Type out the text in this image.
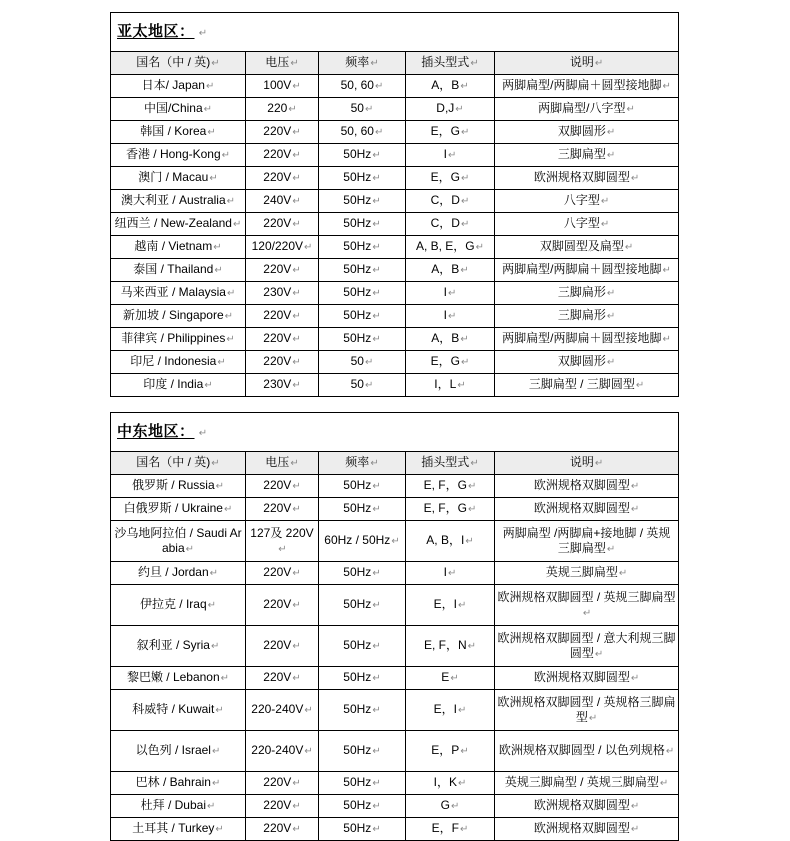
亚太地区： ↵				
国名（中 / 英)↵	电压↵	频率↵	插头型式↵	说明↵
日本/ Japan↵	100V↵	50, 60↵	A，B↵	两脚扁型/两脚扁＋圆型接地脚↵
中国/China↵	220↵	50↵	D,J↵	两脚扁型/八字型↵
韩国 / Korea↵	220V↵	50, 60↵	E，G↵	双脚圆形↵
香港 / Hong-Kong↵	220V↵	50Hz↵	I↵	三脚扁型↵
澳门 / Macau↵	220V↵	50Hz↵	E，G↵	欧洲规格双脚圆型↵
澳大利亚 / Australia↵	240V↵	50Hz↵	C，D↵	八字型↵
纽西兰 / New-Zealand↵	220V↵	50Hz↵	C，D↵	八字型↵
越南 / Vietnam↵	120/220V↵	50Hz↵	A, B, E，G↵	双脚圆型及扁型↵
泰国 / Thailand↵	220V↵	50Hz↵	A，B↵	两脚扁型/两脚扁＋圆型接地脚↵
马来西亚 / Malaysia↵	230V↵	50Hz↵	I↵	三脚扁形↵
新加坡 / Singapore↵	220V↵	50Hz↵	I↵	三脚扁形↵
菲律宾 / Philippines↵	220V↵	50Hz↵	A，B↵	两脚扁型/两脚扁＋圆型接地脚↵
印尼 / Indonesia↵	220V↵	50↵	E，G↵	双脚圆形↵
印度 / India↵	230V↵	50↵	I，L↵	三脚扁型 / 三脚圆型↵
中东地区： ↵				
国名（中 / 英)↵	电压↵	频率↵	插头型式↵	说明↵
俄罗斯 / Russia↵	220V↵	50Hz↵	E, F，G↵	欧洲规格双脚圆型↵
白俄罗斯 / Ukraine↵	220V↵	50Hz↵	E, F，G↵	欧洲规格双脚圆型↵
沙乌地阿拉伯 / Saudi Arabia↵	127及 220V↵	60Hz / 50Hz↵	A, B，I↵	两脚扁型 /两脚扁+接地脚 / 英规三脚扁型↵
约旦 / Jordan↵	220V↵	50Hz↵	I↵	英规三脚扁型↵
伊拉克 / Iraq↵	220V↵	50Hz↵	E，I↵	欧洲规格双脚圆型 / 英规三脚扁型↵
叙利亚 / Syria↵	220V↵	50Hz↵	E, F，N↵	欧洲规格双脚圆型 / 意大利规三脚圆型↵
黎巴嫩 / Lebanon↵	220V↵	50Hz↵	E↵	欧洲规格双脚圆型↵
科威特 / Kuwait↵	220-240V↵	50Hz↵	E，I↵	欧洲规格双脚圆型 / 英规格三脚扁型↵
以色列 / Israel↵	220-240V↵	50Hz↵	E，P↵	欧洲规格双脚圆型 / 以色列规格↵
巴林 / Bahrain↵	220V↵	50Hz↵	I，K↵	英规三脚扁型 / 英规三脚扁型↵
杜拜 / Dubai↵	220V↵	50Hz↵	G↵	欧洲规格双脚圆型↵
土耳其 / Turkey↵	220V↵	50Hz↵	E，F↵	欧洲规格双脚圆型↵
